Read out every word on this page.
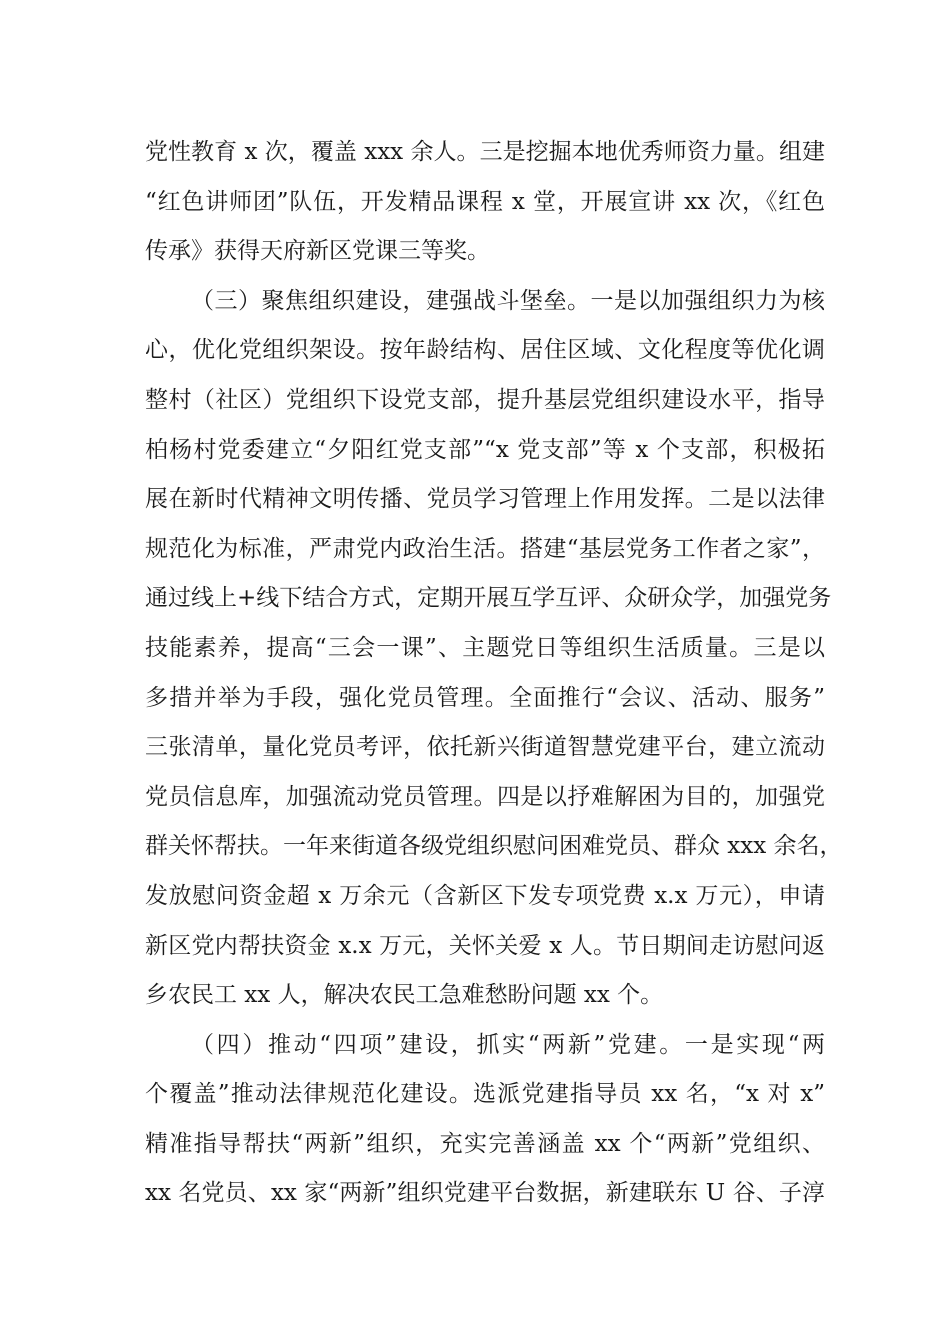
党性教育 x 次，覆盖 xxx 余人。三是挖掘本地优秀师资力量。组建
“红色讲师团”队伍，开发精品课程 x 堂，开展宣讲 xx 次，《红色
传承》获得天府新区党课三等奖。
（三）聚焦组织建设，建强战斗堡垒。一是以加强组织力为核
心，优化党组织架设。按年龄结构、居住区域、文化程度等优化调
整村（社区）党组织下设党支部，提升基层党组织建设水平，指导
柏杨村党委建立“夕阳红党支部”“x 党支部”等 x 个支部，积极拓
展在新时代精神文明传播、党员学习管理上作用发挥。二是以法律
规范化为标准，严肃党内政治生活。搭建“基层党务工作者之家”，
通过线上+线下结合方式，定期开展互学互评、众研众学，加强党务
技能素养，提高“三会一课”、主题党日等组织生活质量。三是以
多措并举为手段，强化党员管理。全面推行“会议、活动、服务”
三张清单，量化党员考评，依托新兴街道智慧党建平台，建立流动
党员信息库，加强流动党员管理。四是以抒难解困为目的，加强党
群关怀帮扶。一年来街道各级党组织慰问困难党员、群众 xxx 余名，
发放慰问资金超 x 万余元（含新区下发专项党费 x.x 万元），申请
新区党内帮扶资金 x.x 万元，关怀关爱 x 人。节日期间走访慰问返
乡农民工 xx 人，解决农民工急难愁盼问题 xx 个。
（四）推动“四项”建设，抓实“两新”党建。一是实现“两
个覆盖”推动法律规范化建设。选派党建指导员 xx 名，“x 对 x”
精准指导帮扶“两新”组织，充实完善涵盖 xx 个“两新”党组织、
xx 名党员、xx 家“两新”组织党建平台数据，新建联东 U 谷、子淳
